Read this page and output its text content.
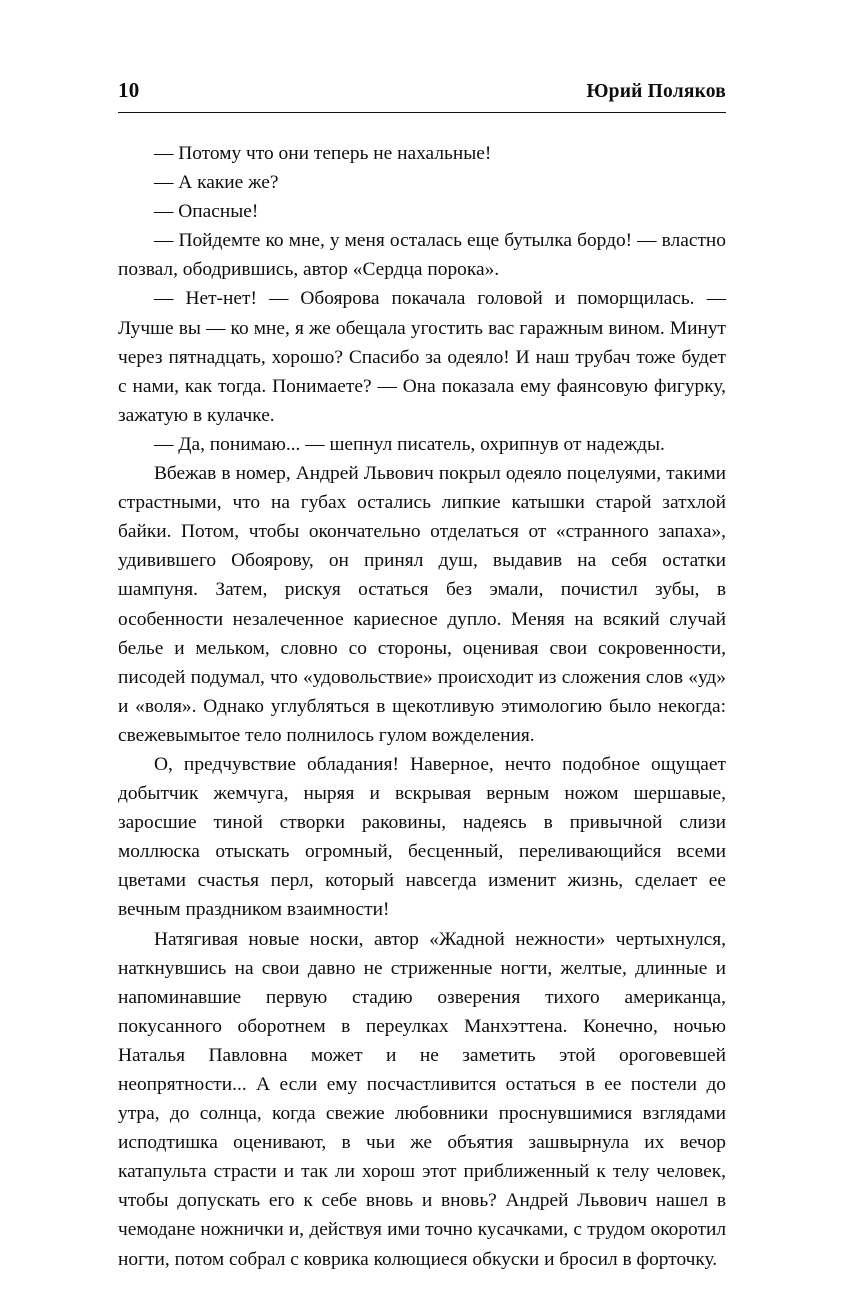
10	Юрий Поляков

— Потому что они теперь не нахальные!

— А какие же?

— Опасные!

— Пойдемте ко мне, у меня осталась еще бутылка бордо! — властно позвал, ободрившись, автор «Сердца порока».

— Нет-нет! — Обоярова покачала головой и поморщилась. — Лучше вы — ко мне, я же обещала угостить вас гаражным вином. Минут через пятнадцать, хорошо? Спасибо за одеяло! И наш трубач тоже будет с нами, как тогда. Понимаете? — Она показала ему фаянсовую фигурку, зажатую в кулачке.

— Да, понимаю... — шепнул писатель, охрипнув от надежды.

Вбежав в номер, Андрей Львович покрыл одеяло поцелуями, такими страстными, что на губах остались липкие катышки старой затхлой байки. Потом, чтобы окончательно отделаться от «странного запаха», удивившего Обоярову, он принял душ, выдавив на себя остатки шампуня. Затем, рискуя остаться без эмали, почистил зубы, в особенности незалеченное кариесное дупло. Меняя на всякий случай белье и мельком, словно со стороны, оценивая свои сокровенности, писодей подумал, что «удовольствие» происходит из сложения слов «уд» и «воля». Однако углубляться в щекотливую этимологию было некогда: свежевымытое тело полнилось гулом вожделения.

О, предчувствие обладания! Наверное, нечто подобное ощущает добытчик жемчуга, ныряя и вскрывая верным ножом шершавые, заросшие тиной створки раковины, надеясь в привычной слизи моллюска отыскать огромный, бесценный, переливающийся всеми цветами счастья перл, который навсегда изменит жизнь, сделает ее вечным праздником взаимности!

Натягивая новые носки, автор «Жадной нежности» чертыхнулся, наткнувшись на свои давно не стриженные ногти, желтые, длинные и напоминавшие первую стадию озверения тихого американца, покусанного оборотнем в переулках Манхэттена. Конечно, ночью Наталья Павловна может и не заметить этой ороговевшей неопрятности... А если ему посчастливится остаться в ее постели до утра, до солнца, когда свежие любовники проснувшимися взглядами исподтишка оценивают, в чьи же объятия зашвырнула их вечор катапульта страсти и так ли хорош этот приближенный к телу человек, чтобы допускать его к себе вновь и вновь? Андрей Львович нашел в чемодане ножнички и, действуя ими точно кусачками, с трудом окоротил ногти, потом собрал с коврика колющиеся обкуски и бросил в форточку.
